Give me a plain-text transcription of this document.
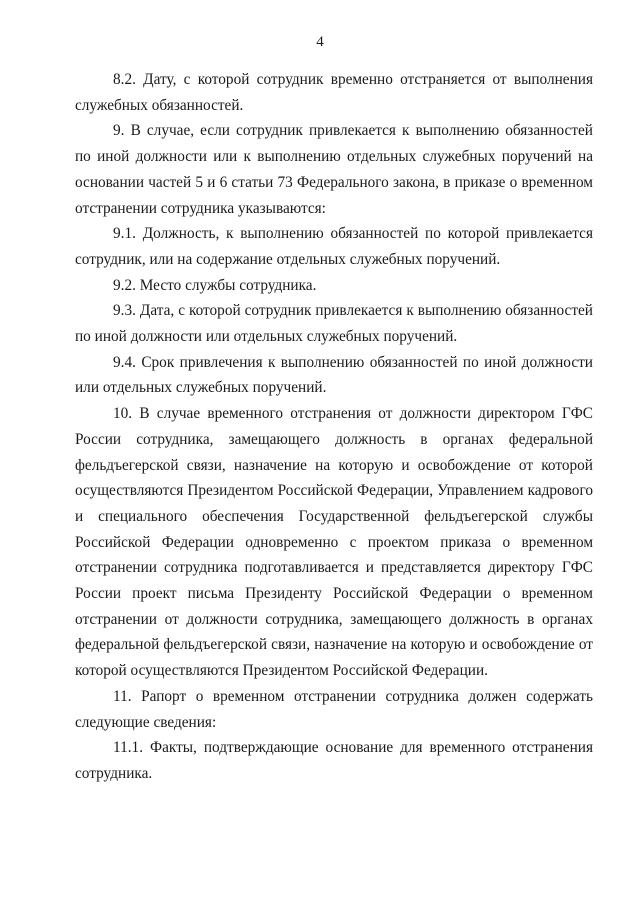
4

8.2. Дату, с которой сотрудник временно отстраняется от выполнения служебных обязанностей.

9. В случае, если сотрудник привлекается к выполнению обязанностей по иной должности или к выполнению отдельных служебных поручений на основании частей 5 и 6 статьи 73 Федерального закона, в приказе о временном отстранении сотрудника указываются:

9.1. Должность, к выполнению обязанностей по которой привлекается сотрудник, или на содержание отдельных служебных поручений.

9.2. Место службы сотрудника.

9.3. Дата, с которой сотрудник привлекается к выполнению обязанностей по иной должности или отдельных служебных поручений.

9.4. Срок привлечения к выполнению обязанностей по иной должности или отдельных служебных поручений.

10. В случае временного отстранения от должности директором ГФС России сотрудника, замещающего должность в органах федеральной фельдъегерской связи, назначение на которую и освобождение от которой осуществляются Президентом Российской Федерации, Управлением кадрового и специального обеспечения Государственной фельдъегерской службы Российской Федерации одновременно с проектом приказа о временном отстранении сотрудника подготавливается и представляется директору ГФС России проект письма Президенту Российской Федерации о временном отстранении от должности сотрудника, замещающего должность в органах федеральной фельдъегерской связи, назначение на которую и освобождение от которой осуществляются Президентом Российской Федерации.

11. Рапорт о временном отстранении сотрудника должен содержать следующие сведения:

11.1. Факты, подтверждающие основание для временного отстранения сотрудника.
